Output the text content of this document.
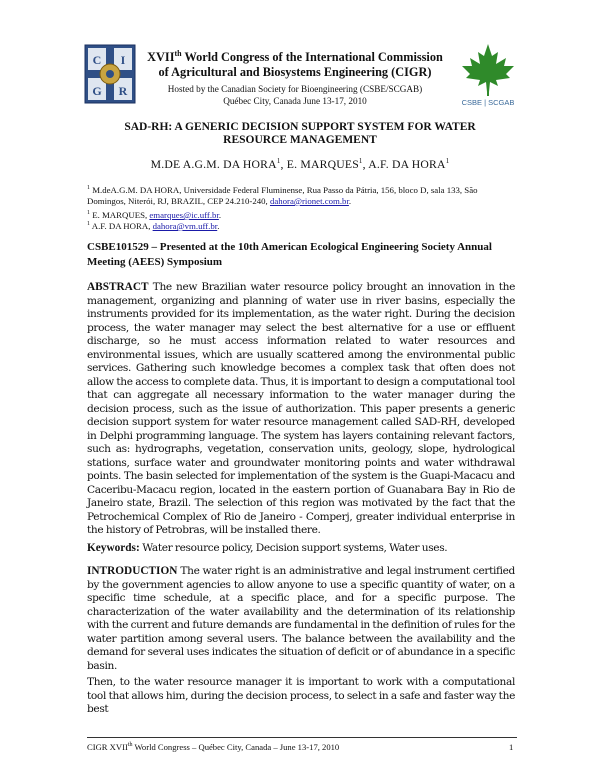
C I
G R
XVIIth World Congress of the International Commission
of Agricultural and Biosystems Engineering (CIGR)
Hosted by the Canadian Society for Bioengineering (CSBE/SCGAB)
Québec City, Canada June 13-17, 2010	CSBE | SCGAB
SAD-RH: A GENERIC DECISION SUPPORT SYSTEM FOR WATER
RESOURCE MANAGEMENT
M.DE A.G.M. DA HORA$^1$, E. MARQUES$^1$, A.F. DA HORA$^1$
$^1$ M.deA.G.M. DA HORA, Universidade Federal Fluminense, Rua Passo da Pátria, 156, bloco D, sala 133, São Domingos, Niterói, RJ, BRAZIL, CEP 24.210-240, dahora@rionet.com.br.
$^1$ E. MARQUES, emarques@ic.uff.br.
$^1$ A.F. DA HORA, dahora@vm.uff.br.
CSBE101529 – Presented at the 10th American Ecological Engineering Society Annual Meeting (AEES) Symposium
ABSTRACT The new Brazilian water resource policy brought an innovation in the management, organizing and planning of water use in river basins, especially the instruments provided for its implementation, as the water right. During the decision process, the water manager may select the best alternative for a use or effluent discharge, so he must access information related to water resources and environmental issues, which are usually scattered among the environmental public services. Gathering such knowledge becomes a complex task that often does not allow the access to complete data. Thus, it is important to design a computational tool that can aggregate all necessary information to the water manager during the decision process, such as the issue of authorization. This paper presents a generic decision support system for water resource management called SAD-RH, developed in Delphi programming language. The system has layers containing relevant factors, such as: hydrographs, vegetation, conservation units, geology, slope, hydrological stations, surface water and groundwater monitoring points and water withdrawal points. The basin selected for implementation of the system is the Guapi-Macacu and Caceribu-Macacu region, located in the eastern portion of Guanabara Bay in Rio de Janeiro state, Brazil. The selection of this region was motivated by the fact that the Petrochemical Complex of Rio de Janeiro - Comperj, greater individual enterprise in the history of Petrobras, will be installed there.
Keywords: Water resource policy, Decision support systems, Water uses.
INTRODUCTION The water right is an administrative and legal instrument certified by the government agencies to allow anyone to use a specific quantity of water, on a specific time schedule, at a specific place, and for a specific purpose. The characterization of the water availability and the determination of its relationship with the current and future demands are fundamental in the definition of rules for the water partition among several users. The balance between the availability and the demand for several uses indicates the situation of deficit or of abundance in a specific basin.
Then, to the water resource manager it is important to work with a computational tool that allows him, during the decision process, to select in a safe and faster way the best
CIGR XVIIth World Congress – Québec City, Canada – June 13-17, 2010	1
